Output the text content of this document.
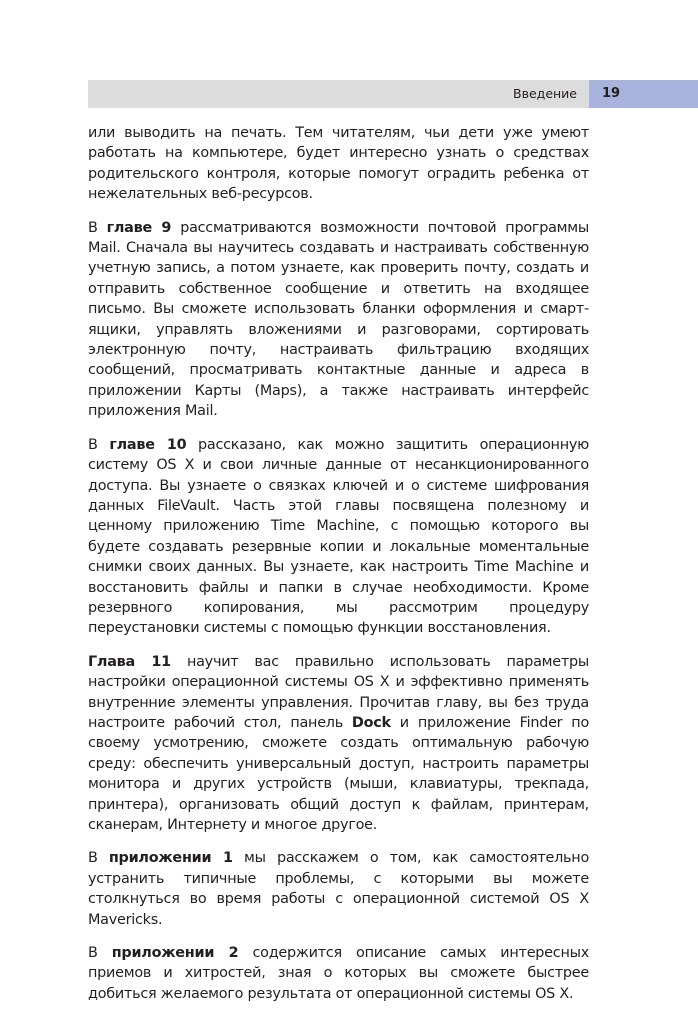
Введение 19

или выводить на печать. Тем читателям, чьи дети уже умеют работать на компьютере, будет интересно узнать о средствах родительского контроля, которые помогут оградить ребенка от нежелательных веб-ресурсов.

В главе 9 рассматриваются возможности почтовой программы Mail. Сначала вы научитесь создавать и настраивать собственную учетную запись, а потом узнаете, как проверить почту, создать и отправить собственное сообщение и ответить на входящее письмо. Вы сможете использовать бланки оформления и смарт-ящики, управлять вложениями и разговорами, сортировать электронную почту, настраивать фильтрацию входящих сообщений, просматривать контактные данные и адреса в приложении Карты (Maps), а также настраивать интерфейс приложения Mail.

В главе 10 рассказано, как можно защитить операционную систему OS X и свои личные данные от несанкционированного доступа. Вы узнаете о связках ключей и о системе шифрования данных FileVault. Часть этой главы посвящена полезному и ценному приложению Time Machine, с помощью которого вы будете создавать резервные копии и локальные моментальные снимки своих данных. Вы узнаете, как настроить Time Machine и восстановить файлы и папки в случае необходимости. Кроме резервного копирования, мы рассмотрим процедуру переустановки системы с помощью функции восстановления.

Глава 11 научит вас правильно использовать параметры настройки операционной системы OS X и эффективно применять внутренние элементы управления. Прочитав главу, вы без труда настроите рабочий стол, панель Dock и приложение Finder по своему усмотрению, сможете создать оптимальную рабочую среду: обеспечить универсальный доступ, настроить параметры монитора и других устройств (мыши, клавиатуры, трекпада, принтера), организовать общий доступ к файлам, принтерам, сканерам, Интернету и многое другое.

В приложении 1 мы расскажем о том, как самостоятельно устранить типичные проблемы, с которыми вы можете столкнуться во время работы с операционной системой OS X Mavericks.

В приложении 2 содержится описание самых интересных приемов и хитростей, зная о которых вы сможете быстрее добиться желаемого результата от операционной системы OS X.
